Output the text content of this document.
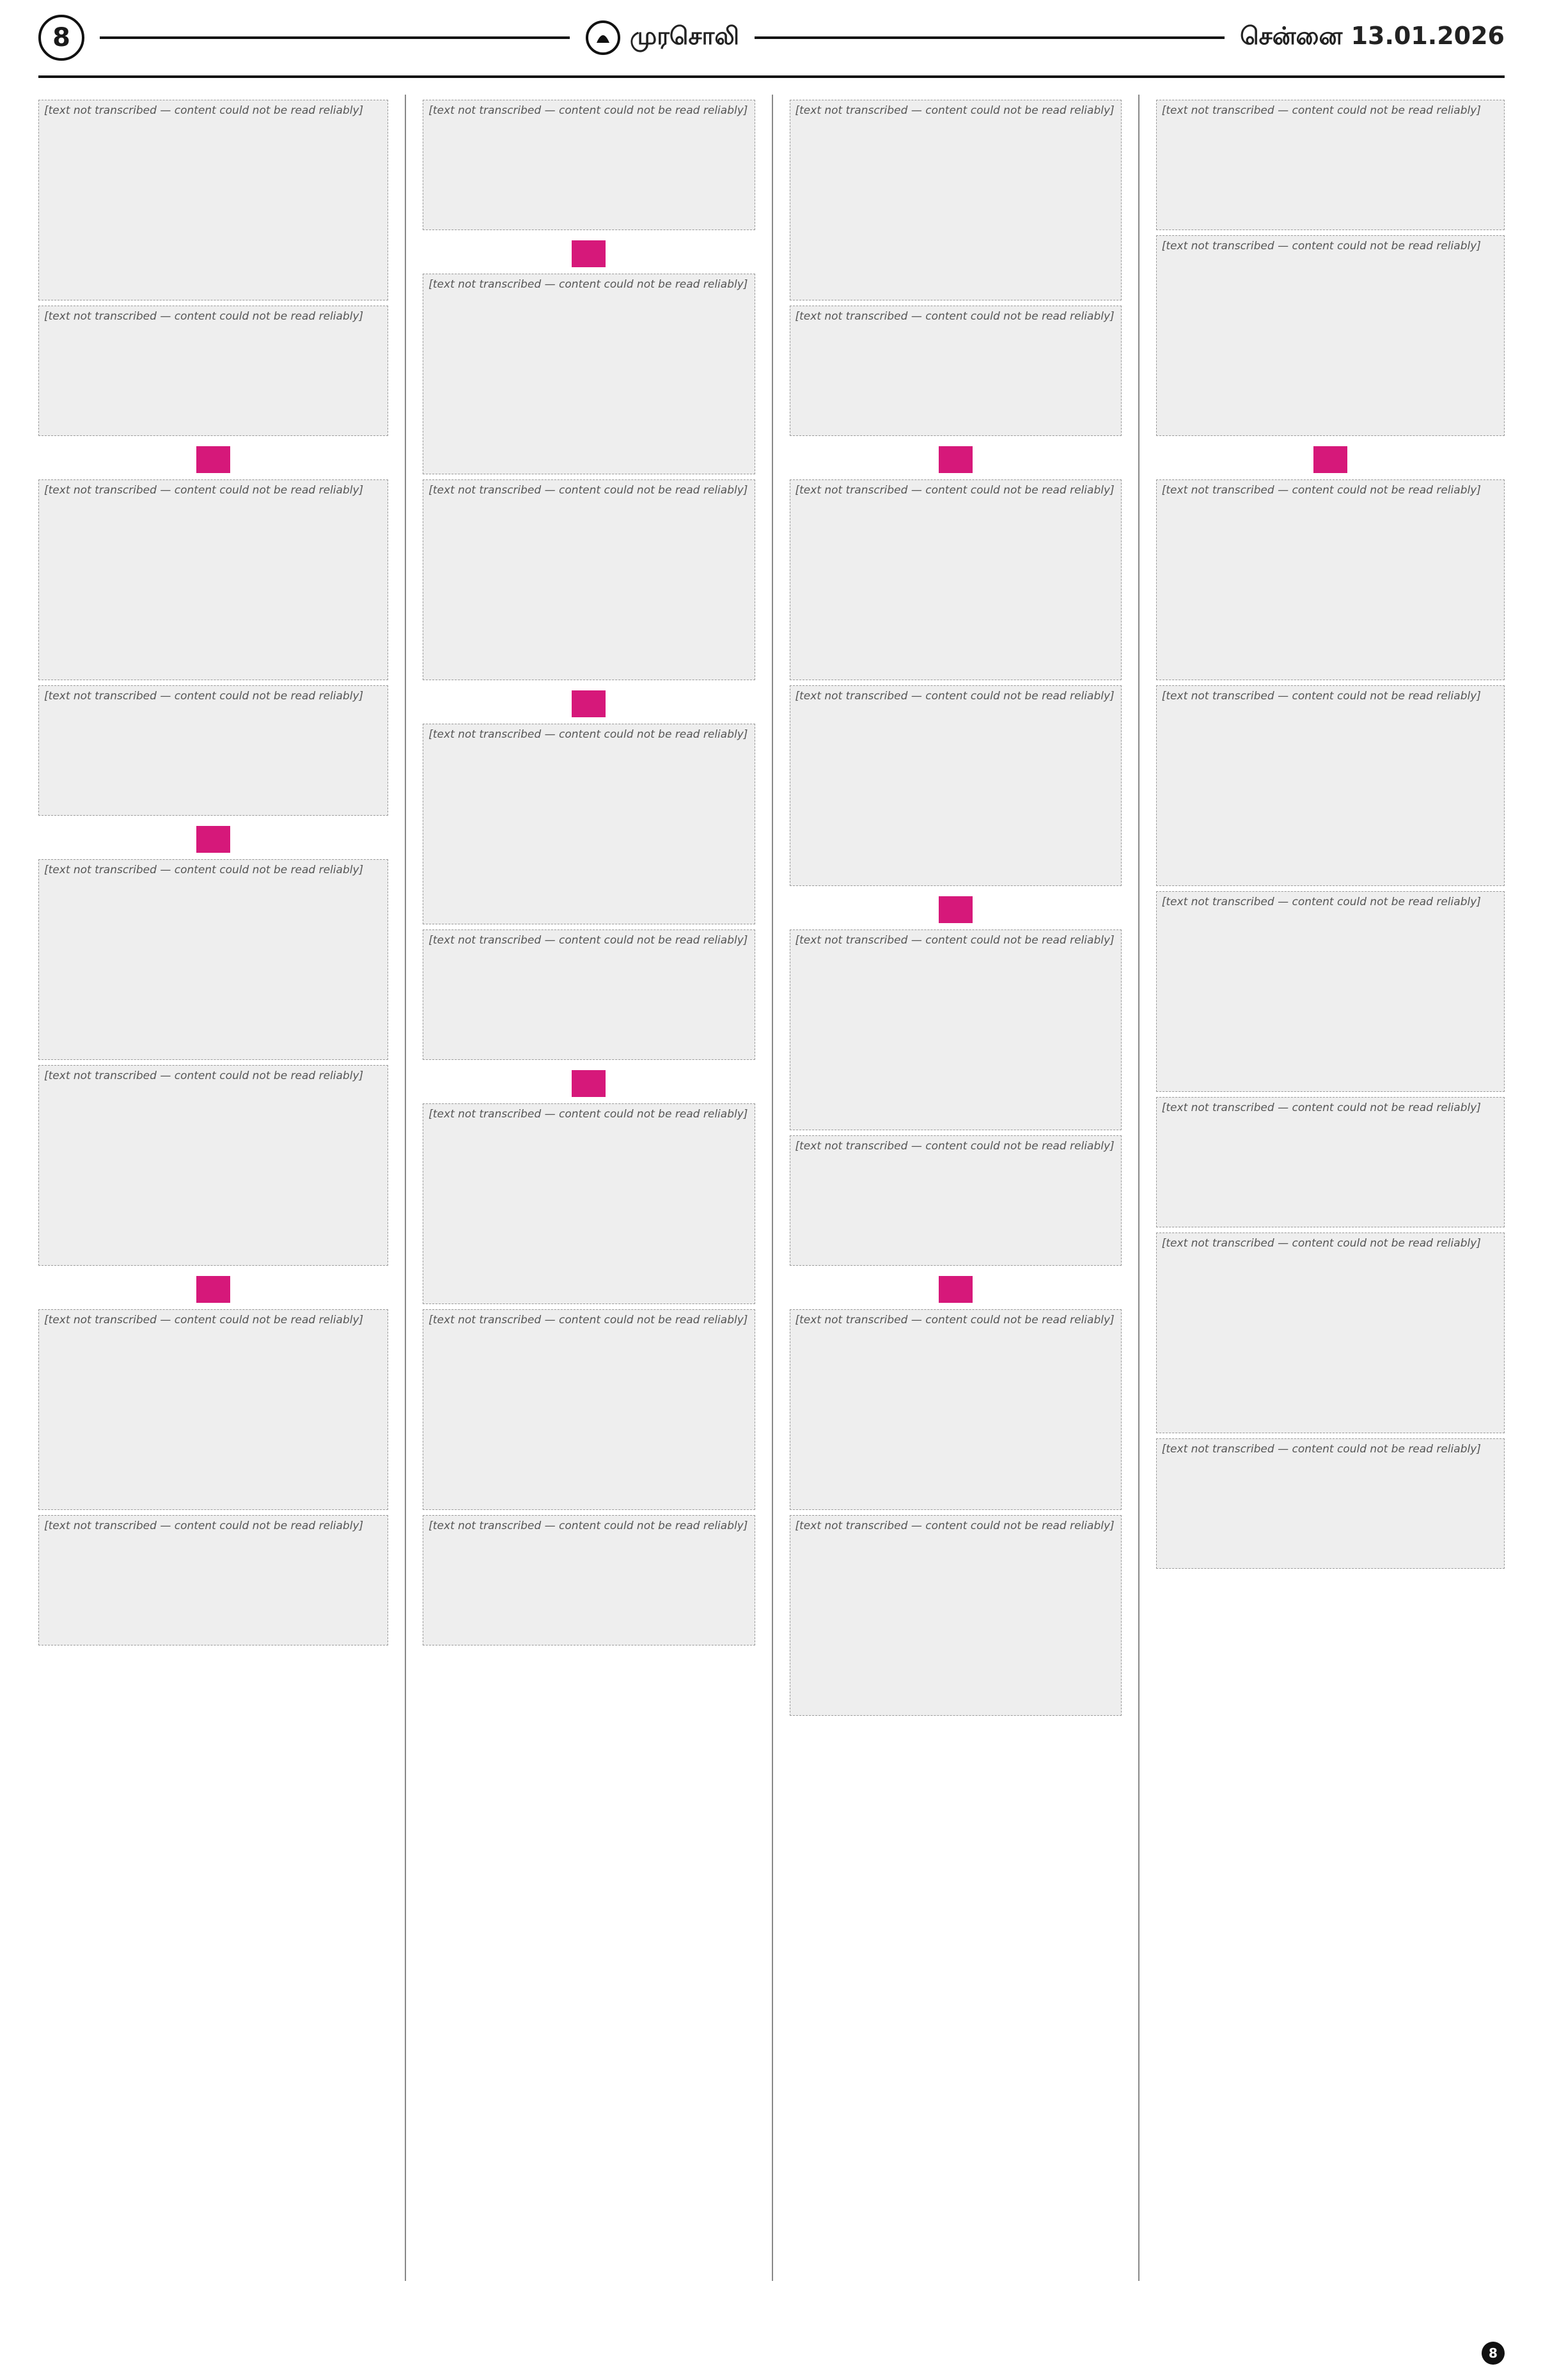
8	முரசொலி	சென்னை 13.01.2026
[text not transcribed — content could not be read reliably]
[text not transcribed — content could not be read reliably]

[text not transcribed — content could not be read reliably]
[text not transcribed — content could not be read reliably]

[text not transcribed — content could not be read reliably]
[text not transcribed — content could not be read reliably]

[text not transcribed — content could not be read reliably]
[text not transcribed — content could not be read reliably]
[text not transcribed — content could not be read reliably]

[text not transcribed — content could not be read reliably]
[text not transcribed — content could not be read reliably]

[text not transcribed — content could not be read reliably]
[text not transcribed — content could not be read reliably]

[text not transcribed — content could not be read reliably]
[text not transcribed — content could not be read reliably]
[text not transcribed — content could not be read reliably]
[text not transcribed — content could not be read reliably]
[text not transcribed — content could not be read reliably]

[text not transcribed — content could not be read reliably]
[text not transcribed — content could not be read reliably]

[text not transcribed — content could not be read reliably]
[text not transcribed — content could not be read reliably]

[text not transcribed — content could not be read reliably]
[text not transcribed — content could not be read reliably]
[text not transcribed — content could not be read reliably]
[text not transcribed — content could not be read reliably]

[text not transcribed — content could not be read reliably]
[text not transcribed — content could not be read reliably]
[text not transcribed — content could not be read reliably]
[text not transcribed — content could not be read reliably]
[text not transcribed — content could not be read reliably]
[text not transcribed — content could not be read reliably]
8
